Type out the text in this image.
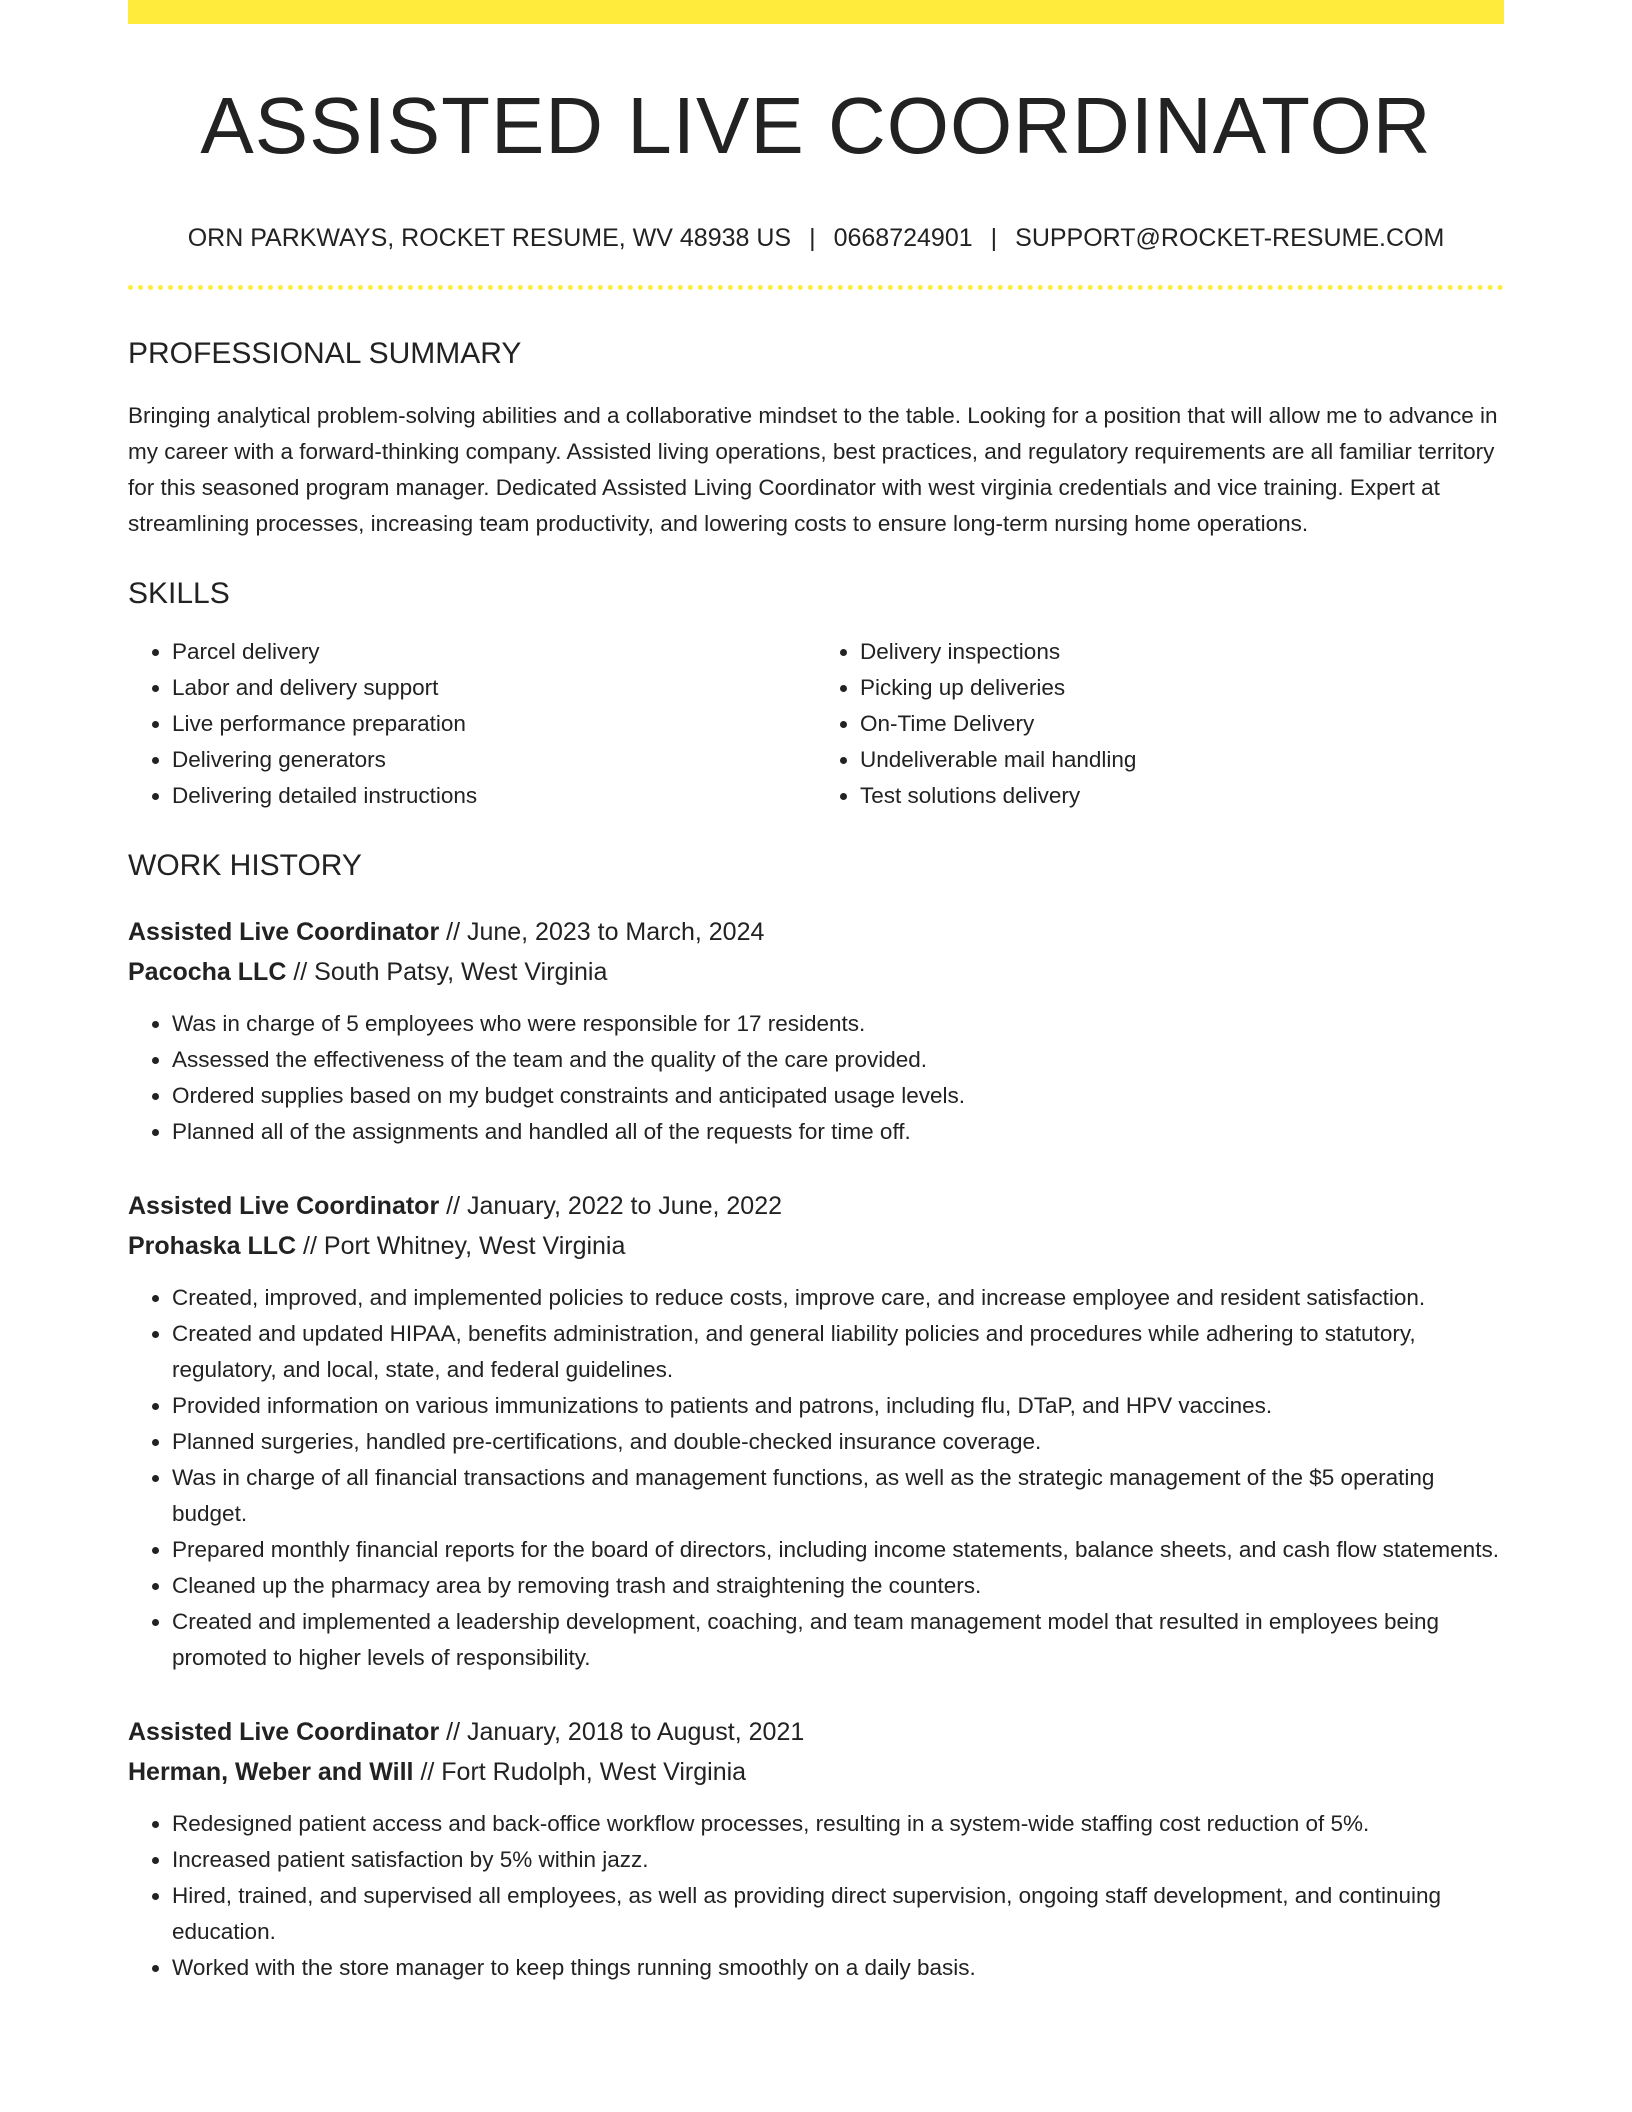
ASSISTED LIVE COORDINATOR
ORN PARKWAYS, ROCKET RESUME, WV 48938 US | 0668724901 | SUPPORT@ROCKET-RESUME.COM
PROFESSIONAL SUMMARY
Bringing analytical problem-solving abilities and a collaborative mindset to the table. Looking for a position that will allow me to advance in my career with a forward-thinking company. Assisted living operations, best practices, and regulatory requirements are all familiar territory for this seasoned program manager. Dedicated Assisted Living Coordinator with west virginia credentials and vice training. Expert at streamlining processes, increasing team productivity, and lowering costs to ensure long-term nursing home operations.
SKILLS
• Parcel delivery
• Labor and delivery support
• Live performance preparation
• Delivering generators
• Delivering detailed instructions
• Delivery inspections
• Picking up deliveries
• On-Time Delivery
• Undeliverable mail handling
• Test solutions delivery
WORK HISTORY
Assisted Live Coordinator // June, 2023 to March, 2024
Pacocha LLC // South Patsy, West Virginia
• Was in charge of 5 employees who were responsible for 17 residents.
• Assessed the effectiveness of the team and the quality of the care provided.
• Ordered supplies based on my budget constraints and anticipated usage levels.
• Planned all of the assignments and handled all of the requests for time off.
Assisted Live Coordinator // January, 2022 to June, 2022
Prohaska LLC // Port Whitney, West Virginia
• Created, improved, and implemented policies to reduce costs, improve care, and increase employee and resident satisfaction.
• Created and updated HIPAA, benefits administration, and general liability policies and procedures while adhering to statutory, regulatory, and local, state, and federal guidelines.
• Provided information on various immunizations to patients and patrons, including flu, DTaP, and HPV vaccines.
• Planned surgeries, handled pre-certifications, and double-checked insurance coverage.
• Was in charge of all financial transactions and management functions, as well as the strategic management of the $5 operating budget.
• Prepared monthly financial reports for the board of directors, including income statements, balance sheets, and cash flow statements.
• Cleaned up the pharmacy area by removing trash and straightening the counters.
• Created and implemented a leadership development, coaching, and team management model that resulted in employees being promoted to higher levels of responsibility.
Assisted Live Coordinator // January, 2018 to August, 2021
Herman, Weber and Will // Fort Rudolph, West Virginia
• Redesigned patient access and back-office workflow processes, resulting in a system-wide staffing cost reduction of 5%.
• Increased patient satisfaction by 5% within jazz.
• Hired, trained, and supervised all employees, as well as providing direct supervision, ongoing staff development, and continuing education.
• Worked with the store manager to keep things running smoothly on a daily basis.
